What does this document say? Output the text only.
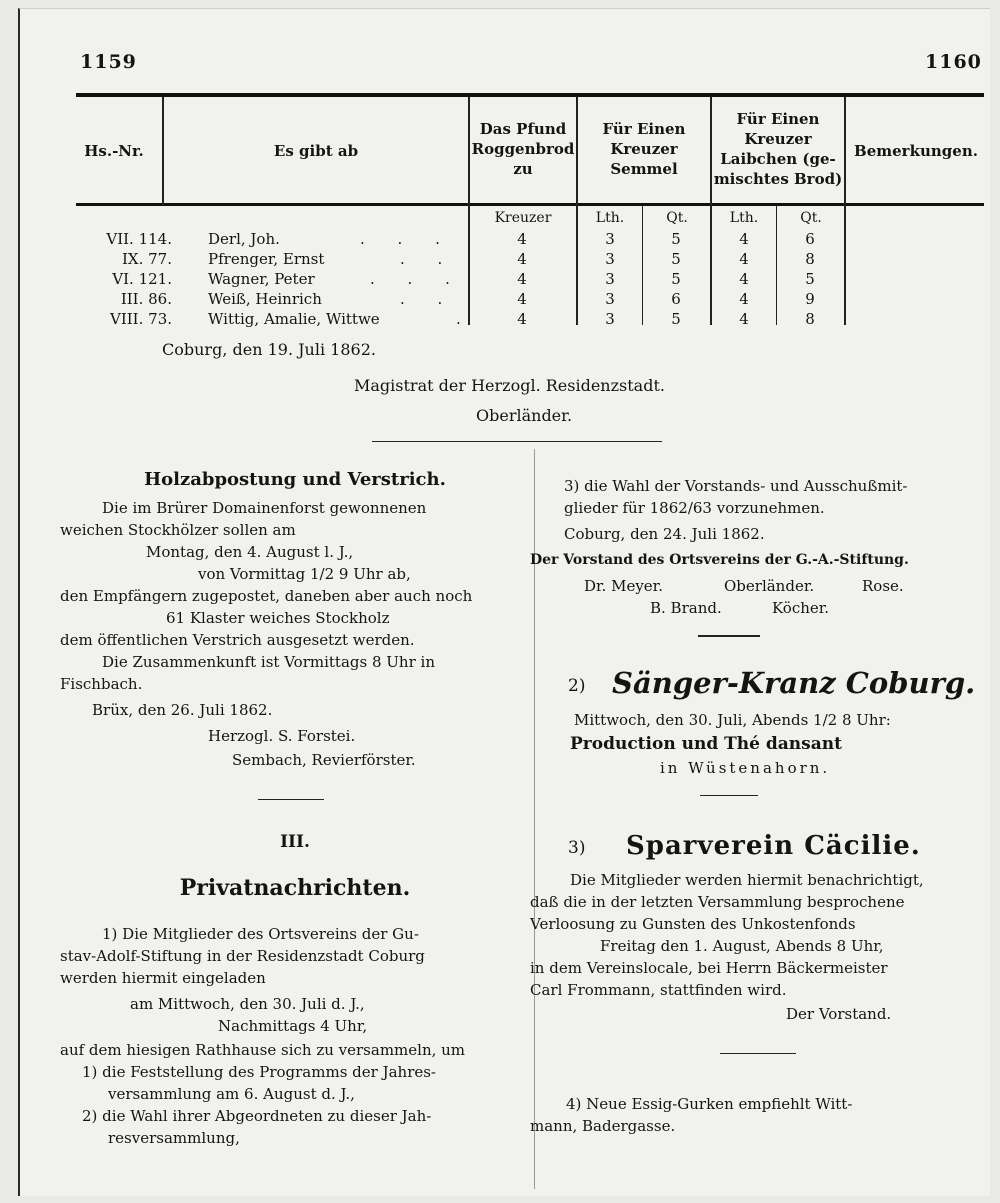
1159	1160
Hs.-Nr.	Es gibt ab
Das Pfund
Roggenbrod
zu
Für Einen
Kreuzer
Semmel
Für Einen
Kreuzer
Laibchen (ge-
mischtes Brod)
Bemerkungen.
Kreuzer	Lth.	Qt.	Lth.	Qt.
VII. 114. Derl, Joh.	. . .	4	3	5	4	6
IX. 77. Pfrenger, Ernst	. .	4	3	5	4	8
VI. 121. Wagner, Peter	. . .	4	3	5	4	5
III. 86. Weiß, Heinrich	. .	4	3	6	4	9
VIII. 73. Wittig, Amalie, Wittwe	.	4	3	5	4	8
Coburg, den 19. Juli 1862.
Magistrat der Herzogl. Residenzstadt.
Oberländer.
Holzabpostung und Verstrich.
Die im Brürer Domainenforst gewonnenen
weichen Stockhölzer sollen am
Montag, den 4. August l. J.,
von Vormittag 1/2 9 Uhr ab,
den Empfängern zugepostet, daneben aber auch noch
61 Klaster weiches Stockholz
dem öffentlichen Verstrich ausgesetzt werden.
Die Zusammenkunft ist Vormittags 8 Uhr in
Fischbach.
Brüx, den 26. Juli 1862.
Herzogl. S. Forstei.
Sembach, Revierförster.
III.
Privatnachrichten.
1) Die Mitglieder des Ortsvereins der Gu-
stav-Adolf-Stiftung in der Residenzstadt Coburg
werden hiermit eingeladen
am Mittwoch, den 30. Juli d. J.,
Nachmittags 4 Uhr,
auf dem hiesigen Rathhause sich zu versammeln, um
1) die Feststellung des Programms der Jahres-
versammlung am 6. August d. J.,
2) die Wahl ihrer Abgeordneten zu dieser Jah-
resversammlung,
3) die Wahl der Vorstands- und Ausschußmit-
glieder für 1862/63 vorzunehmen.
Coburg, den 24. Juli 1862.
Der Vorstand des Ortsvereins der G.-A.-Stiftung.
Dr. Meyer.	Oberländer.	Rose.
B. Brand.	Köcher.
2) Sänger-Kranz Coburg.
Mittwoch, den 30. Juli, Abends 1/2 8 Uhr:
Production und Thé dansant
in Wüstenahorn.
3) Sparverein Cäcilie.
Die Mitglieder werden hiermit benachrichtigt,
daß die in der letzten Versammlung besprochene
Verloosung zu Gunsten des Unkostenfonds
Freitag den 1. August, Abends 8 Uhr,
in dem Vereinslocale, bei Herrn Bäckermeister
Carl Frommann, stattfinden wird.
Der Vorstand.
4) Neue Essig-Gurken empfiehlt Witt-
mann, Badergasse.
